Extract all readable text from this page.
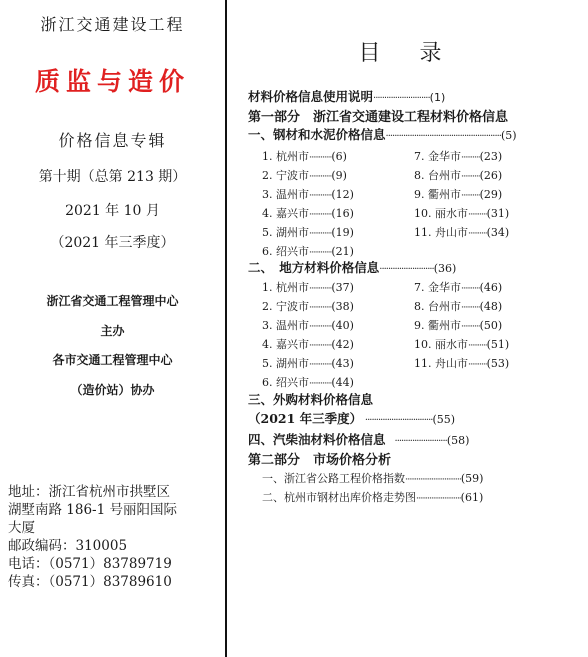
浙江交通建设工程
质监与造价
价格信息专辑
第十期（总第 213 期）
2021 年 10 月
（2021 年三季度）
浙江省交通工程管理中心
主办
各市交通工程管理中心
（造价站）协办
地址：浙江省杭州市拱墅区
湖墅南路 186-1 号丽阳国际
大厦
邮政编码：310005
电话：（0571）83789719
传真：（0571）83789610
目 录
材料价格信息使用说明··························(1)
第一部分　浙江省交通建设工程材料价格信息
一、钢材和水泥价格信息·····················································(5)
1. 杭州市············(6)
2. 宁波市············(9)
3. 温州市············(12)
4. 嘉兴市············(16)
5. 湖州市············(19)
6. 绍兴市············(21)
7. 金华市··········(23)
8. 台州市··········(26)
9. 衢州市··········(29)
10. 丽水市··········(31)
11. 舟山市··········(34)
二、　地方材料价格信息·························(36)
1. 杭州市············(37)
2. 宁波市············(38)
3. 温州市············(40)
4. 嘉兴市············(42)
5. 湖州市············(43)
6. 绍兴市············(44)
7. 金华市··········(46)
8. 台州市··········(48)
9. 衢州市··········(50)
10. 丽水市··········(51)
11. 舟山市··········(53)
三、外购材料价格信息
（2021 年三季度）　·······························(55)
四、汽柴油材料价格信息　························(58)
第二部分　市场价格分析
一、浙江省公路工程价格指数······························(59)
二、杭州市钢材出库价格走势图························(61)
